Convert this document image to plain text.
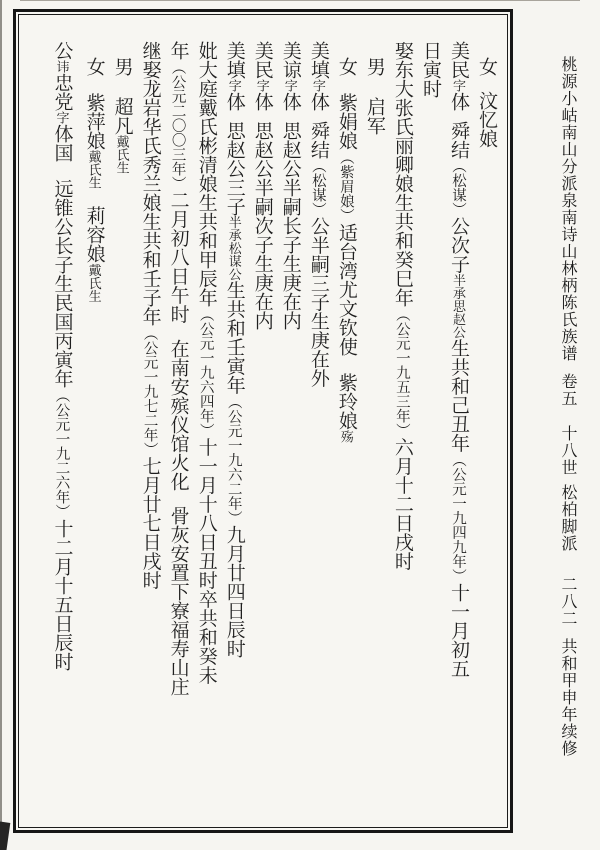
女汶忆娘
美民字体舜结（松谋）公次子半承思赵公生共和己丑年（公元一九四九年）十一月初五
日寅时
娶东大张氏丽卿娘生共和癸巳年（公元一九五三年）六月十二日戌时
男启军
女紫娟娘（紫眉娘）适台湾尤文钦使紫玲娘殇
美填字体舜结（松谋）公半嗣三子生庚在外
美谅字体思赵公半嗣长子生庚在内
美民字体思赵公半嗣次子生庚在内
美填字体思赵公三子半承松谋公生共和壬寅年（公元一九六二年）九月廿四日辰时
妣大庭戴氏彬清娘生共和甲辰年（公元一九六四年）十一月十八日丑时卒共和癸未
年（公元二〇〇三年）二月初八日午时在南安殡仪馆火化骨灰安置下寮福寿山庄
继娶龙岩华氏秀兰娘生共和壬子年（公元一九七二年）七月廿七日戌时
男超凡戴氏生
女紫萍娘戴氏生莉容娘戴氏生
公讳忠党字体国远锥公长子生民国丙寅年（公元一九二六年）十二月十五日辰时
桃源小岵南山分派泉南诗山林柄陈氏族谱卷五十八世松柏脚派二八二共和甲申年续修
